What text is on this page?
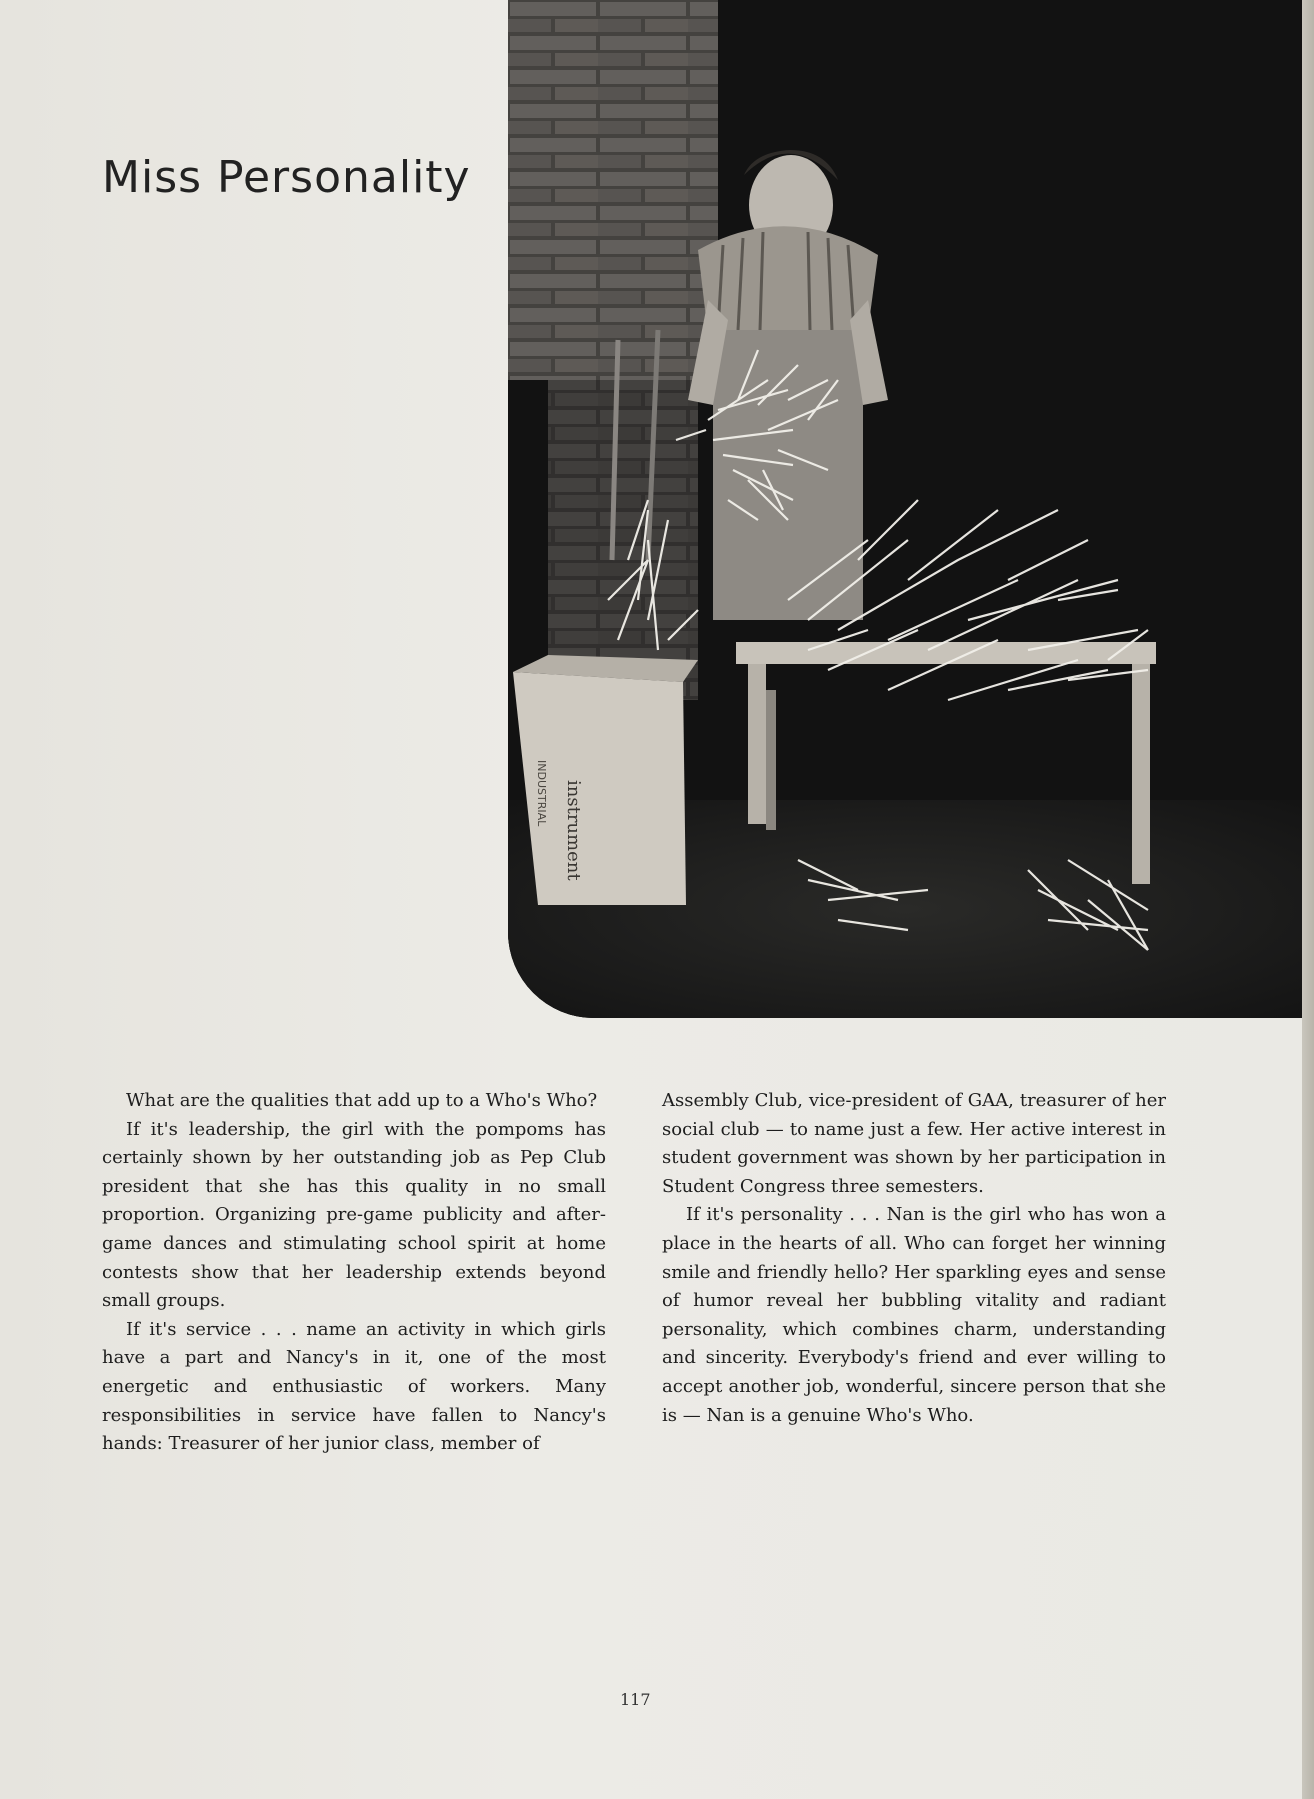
Miss Personality
instrument
INDUSTRIAL

What are the qualities that add up to a Who's Who?

If it's leadership, the girl with the pompoms has certainly shown by her outstanding job as Pep Club president that she has this quality in no small proportion. Organizing pre-game publicity and after-game dances and stimulating school spirit at home contests show that her leadership extends beyond small groups.

If it's service . . . name an activity in which girls have a part and Nancy's in it, one of the most energetic and enthusiastic of workers. Many responsibilities in service have fallen to Nancy's hands: Treasurer of her junior class, member of

Assembly Club, vice-president of GAA, treasurer of her social club — to name just a few. Her active interest in student government was shown by her participation in Student Congress three semesters.

If it's personality . . . Nan is the girl who has won a place in the hearts of all. Who can forget her winning smile and friendly hello? Her sparkling eyes and sense of humor reveal her bubbling vitality and radiant personality, which combines charm, understanding and sincerity. Everybody's friend and ever willing to accept another job, wonderful, sincere person that she is — Nan is a genuine Who's Who.

117
